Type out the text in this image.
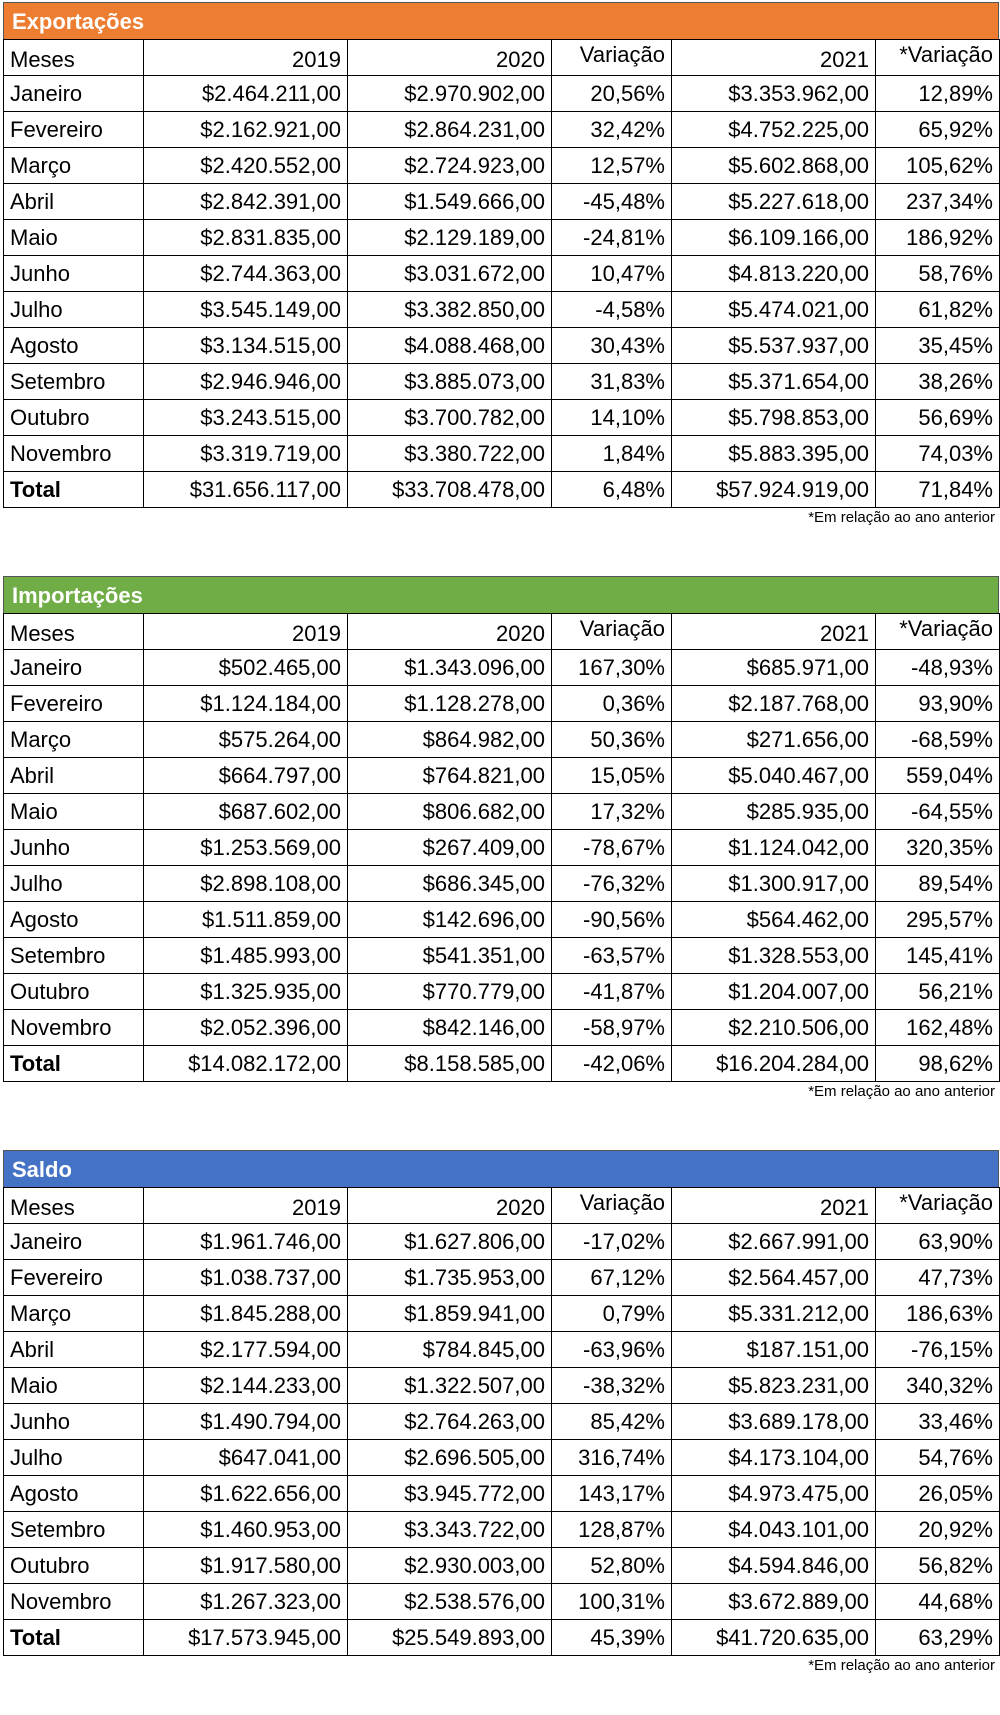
Exportações
Meses	2019	2020	Variação	2021	*Variação
Janeiro	$2.464.211,00	$2.970.902,00	20,56%	$3.353.962,00	12,89%
Fevereiro	$2.162.921,00	$2.864.231,00	32,42%	$4.752.225,00	65,92%
Março	$2.420.552,00	$2.724.923,00	12,57%	$5.602.868,00	105,62%
Abril	$2.842.391,00	$1.549.666,00	-45,48%	$5.227.618,00	237,34%
Maio	$2.831.835,00	$2.129.189,00	-24,81%	$6.109.166,00	186,92%
Junho	$2.744.363,00	$3.031.672,00	10,47%	$4.813.220,00	58,76%
Julho	$3.545.149,00	$3.382.850,00	-4,58%	$5.474.021,00	61,82%
Agosto	$3.134.515,00	$4.088.468,00	30,43%	$5.537.937,00	35,45%
Setembro	$2.946.946,00	$3.885.073,00	31,83%	$5.371.654,00	38,26%
Outubro	$3.243.515,00	$3.700.782,00	14,10%	$5.798.853,00	56,69%
Novembro	$3.319.719,00	$3.380.722,00	1,84%	$5.883.395,00	74,03%
Total	$31.656.117,00	$33.708.478,00	6,48%	$57.924.919,00	71,84%
*Em relação ao ano anterior
Importações
Meses	2019	2020	Variação	2021	*Variação
Janeiro	$502.465,00	$1.343.096,00	167,30%	$685.971,00	-48,93%
Fevereiro	$1.124.184,00	$1.128.278,00	0,36%	$2.187.768,00	93,90%
Março	$575.264,00	$864.982,00	50,36%	$271.656,00	-68,59%
Abril	$664.797,00	$764.821,00	15,05%	$5.040.467,00	559,04%
Maio	$687.602,00	$806.682,00	17,32%	$285.935,00	-64,55%
Junho	$1.253.569,00	$267.409,00	-78,67%	$1.124.042,00	320,35%
Julho	$2.898.108,00	$686.345,00	-76,32%	$1.300.917,00	89,54%
Agosto	$1.511.859,00	$142.696,00	-90,56%	$564.462,00	295,57%
Setembro	$1.485.993,00	$541.351,00	-63,57%	$1.328.553,00	145,41%
Outubro	$1.325.935,00	$770.779,00	-41,87%	$1.204.007,00	56,21%
Novembro	$2.052.396,00	$842.146,00	-58,97%	$2.210.506,00	162,48%
Total	$14.082.172,00	$8.158.585,00	-42,06%	$16.204.284,00	98,62%
*Em relação ao ano anterior
Saldo
Meses	2019	2020	Variação	2021	*Variação
Janeiro	$1.961.746,00	$1.627.806,00	-17,02%	$2.667.991,00	63,90%
Fevereiro	$1.038.737,00	$1.735.953,00	67,12%	$2.564.457,00	47,73%
Março	$1.845.288,00	$1.859.941,00	0,79%	$5.331.212,00	186,63%
Abril	$2.177.594,00	$784.845,00	-63,96%	$187.151,00	-76,15%
Maio	$2.144.233,00	$1.322.507,00	-38,32%	$5.823.231,00	340,32%
Junho	$1.490.794,00	$2.764.263,00	85,42%	$3.689.178,00	33,46%
Julho	$647.041,00	$2.696.505,00	316,74%	$4.173.104,00	54,76%
Agosto	$1.622.656,00	$3.945.772,00	143,17%	$4.973.475,00	26,05%
Setembro	$1.460.953,00	$3.343.722,00	128,87%	$4.043.101,00	20,92%
Outubro	$1.917.580,00	$2.930.003,00	52,80%	$4.594.846,00	56,82%
Novembro	$1.267.323,00	$2.538.576,00	100,31%	$3.672.889,00	44,68%
Total	$17.573.945,00	$25.549.893,00	45,39%	$41.720.635,00	63,29%
*Em relação ao ano anterior
